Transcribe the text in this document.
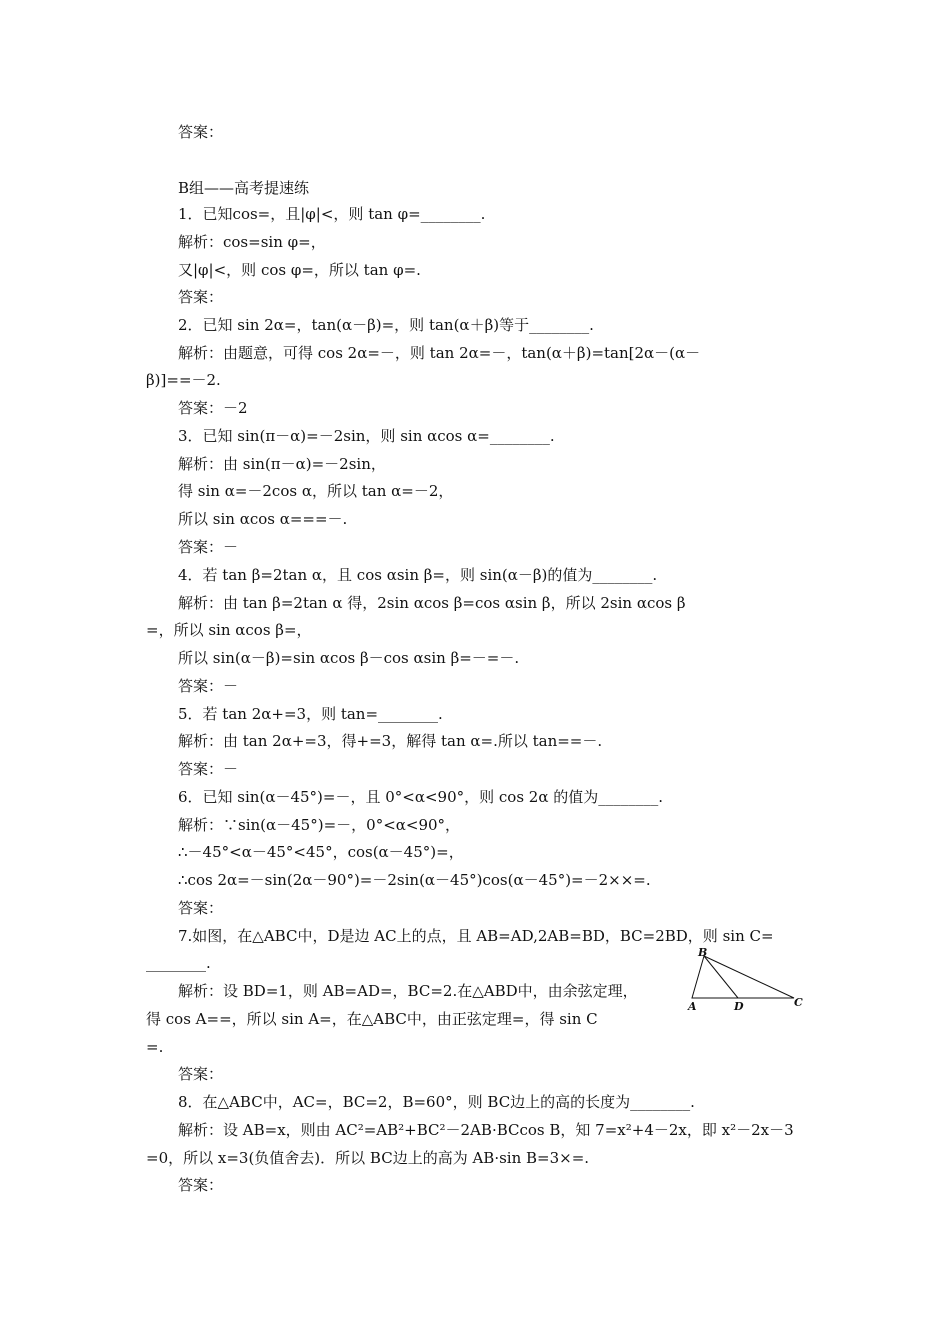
答案：
B组——高考提速练
1．已知cos=，且|φ|<，则 tan φ=________.
解析：cos=sin φ=，
又|φ|<，则 cos φ=，所以 tan φ=.
答案：
2．已知 sin 2α=，tan(α－β)=，则 tan(α＋β)等于________.
解析：由题意，可得 cos 2α=－，则 tan 2α=－，tan(α＋β)=tan[2α－(α－
β)]==－2.
答案：－2
3．已知 sin(π－α)=－2sin，则 sin αcos α=________.
解析：由 sin(π－α)=－2sin，
得 sin α=－2cos α，所以 tan α=－2，
所以 sin αcos α===－.
答案：－
4．若 tan β=2tan α，且 cos αsin β=，则 sin(α－β)的值为________.
解析：由 tan β=2tan α 得，2sin αcos β=cos αsin β，所以 2sin αcos β
=，所以 sin αcos β=，
所以 sin(α－β)=sin αcos β－cos αsin β=－=－.
答案：－
5．若 tan 2α+=3，则 tan=________.
解析：由 tan 2α+=3，得+=3，解得 tan α=.所以 tan==－.
答案：－
6．已知 sin(α－45°)=－，且 0°<α<90°，则 cos 2α 的值为________.
解析：∵sin(α－45°)=－，0°<α<90°，
∴－45°<α－45°<45°，cos(α－45°)=，
∴cos 2α=－sin(2α－90°)=－2sin(α－45°)cos(α－45°)=－2××=.
答案：
7.如图，在△ABC中，D是边 AC上的点，且 AB=AD,2AB=BD，BC=2BD，则 sin C=
________.
解析：设 BD=1，则 AB=AD=，BC=2.在△ABD中，由余弦定理，
得 cos A==，所以 sin A=，在△ABC中，由正弦定理=，得 sin C
=.
答案：
8．在△ABC中，AC=，BC=2，B=60°，则 BC边上的高的长度为________.
解析：设 AB=x，则由 AC²=AB²+BC²－2AB·BCcos B，知 7=x²+4－2x，即 x²－2x－3
=0，所以 x=3(负值舍去)．所以 BC边上的高为 AB·sin B=3×=.
答案：
B
A	D	C
